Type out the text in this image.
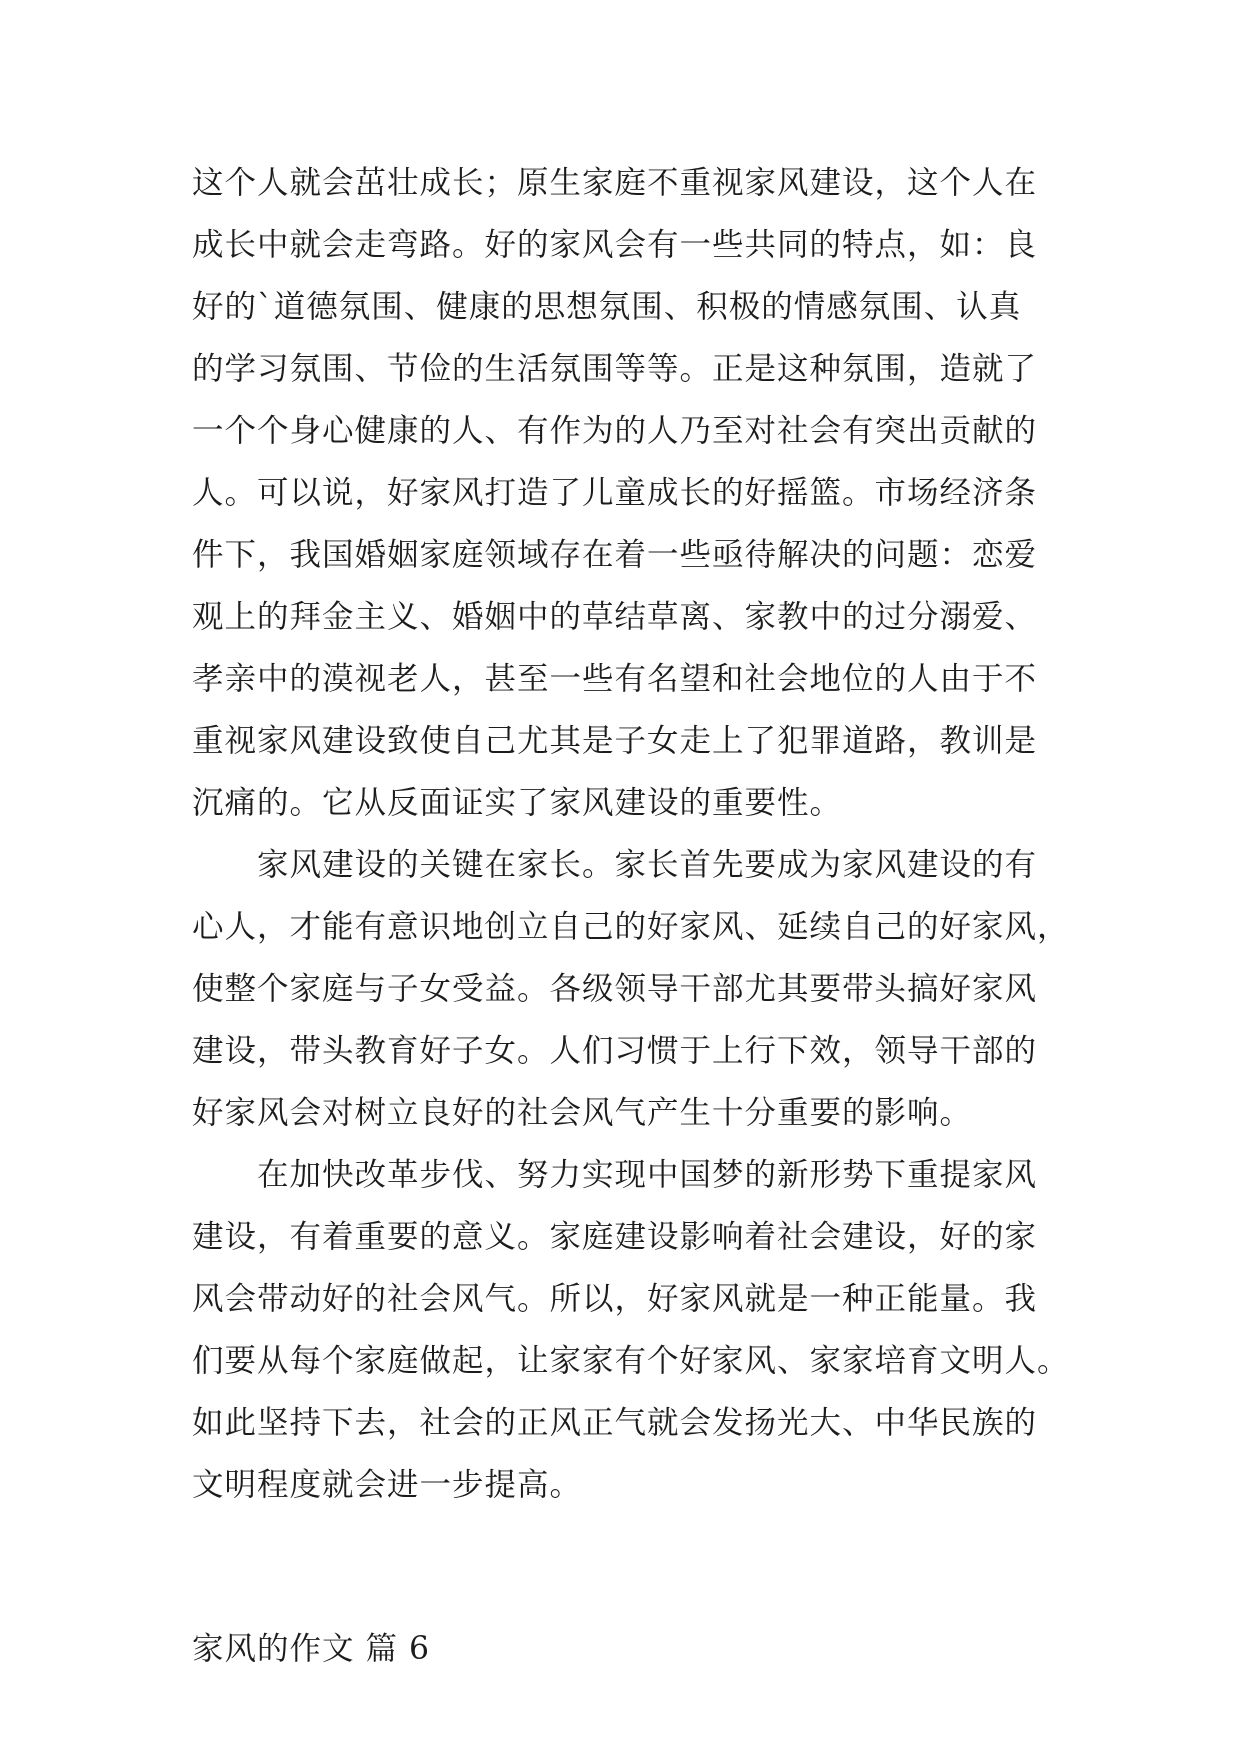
这个人就会茁壮成长；原生家庭不重视家风建设，这个人在
成长中就会走弯路。好的家风会有一些共同的特点，如：良
好的`道德氛围、健康的思想氛围、积极的情感氛围、认真
的学习氛围、节俭的生活氛围等等。正是这种氛围，造就了
一个个身心健康的人、有作为的人乃至对社会有突出贡献的
人。可以说，好家风打造了儿童成长的好摇篮。市场经济条
件下，我国婚姻家庭领域存在着一些亟待解决的问题：恋爱
观上的拜金主义、婚姻中的草结草离、家教中的过分溺爱、
孝亲中的漠视老人，甚至一些有名望和社会地位的人由于不
重视家风建设致使自己尤其是子女走上了犯罪道路，教训是
沉痛的。它从反面证实了家风建设的重要性。
　　家风建设的关键在家长。家长首先要成为家风建设的有
心人，才能有意识地创立自己的好家风、延续自己的好家风，
使整个家庭与子女受益。各级领导干部尤其要带头搞好家风
建设，带头教育好子女。人们习惯于上行下效，领导干部的
好家风会对树立良好的社会风气产生十分重要的影响。
　　在加快改革步伐、努力实现中国梦的新形势下重提家风
建设，有着重要的意义。家庭建设影响着社会建设，好的家
风会带动好的社会风气。所以，好家风就是一种正能量。我
们要从每个家庭做起，让家家有个好家风、家家培育文明人。
如此坚持下去，社会的正风正气就会发扬光大、中华民族的
文明程度就会进一步提高。
家风的作文 篇 6
